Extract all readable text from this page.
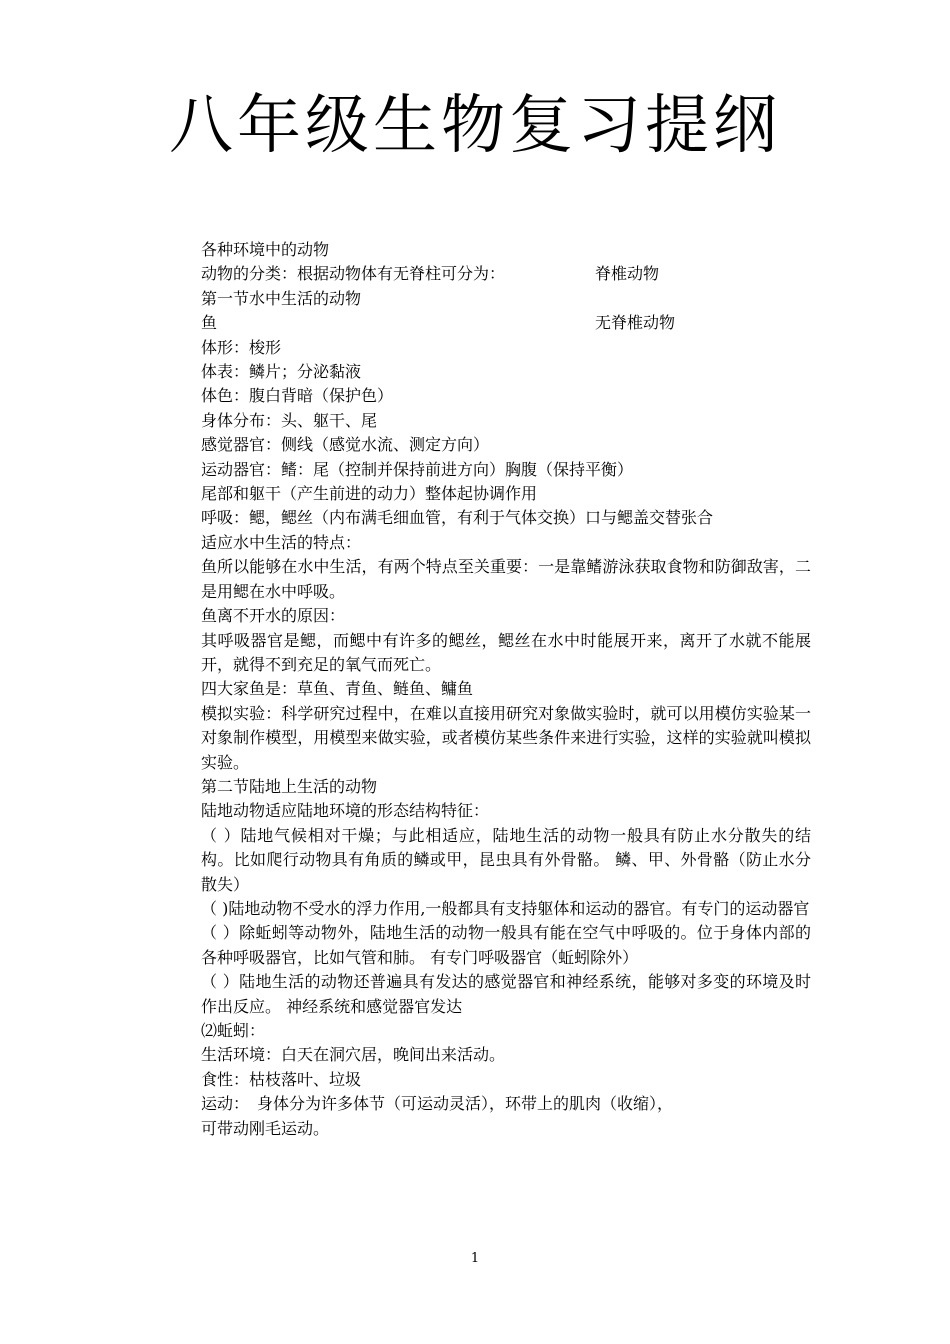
八年级生物复习提纲
各种环境中的动物
动物的分类：根据动物体有无脊柱可分为：	脊椎动物
第一节水中生活的动物
鱼	无脊椎动物
体形：梭形
体表：鳞片；分泌黏液
体色：腹白背暗（保护色）
身体分布：头、躯干、尾
感觉器官：侧线（感觉水流、测定方向）
运动器官：鳍：尾（控制并保持前进方向）胸腹（保持平衡）
尾部和躯干（产生前进的动力）整体起协调作用
呼吸：鳃，鳃丝（内布满毛细血管，有利于气体交换）口与鳃盖交替张合
适应水中生活的特点：
鱼所以能够在水中生活，有两个特点至关重要：一是靠鳍游泳获取食物和防御敌害，二是用鳃在水中呼吸。
鱼离不开水的原因：
其呼吸器官是鳃，而鳃中有许多的鳃丝，鳃丝在水中时能展开来，离开了水就不能展开，就得不到充足的氧气而死亡。
四大家鱼是：草鱼、青鱼、鲢鱼、鳙鱼
模拟实验：科学研究过程中，在难以直接用研究对象做实验时，就可以用模仿实验某一对象制作模型，用模型来做实验，或者模仿某些条件来进行实验，这样的实验就叫模拟实验。
第二节陆地上生活的动物
陆地动物适应陆地环境的形态结构特征：
（ ）陆地气候相对干燥；与此相适应，陆地生活的动物一般具有防止水分散失的结构。比如爬行动物具有角质的鳞或甲，昆虫具有外骨骼。 鳞、甲、外骨骼（防止水分散失）
（ )陆地动物不受水的浮力作用,一般都具有支持躯体和运动的器官。有专门的运动器官
（ ）除蚯蚓等动物外，陆地生活的动物一般具有能在空气中呼吸的。位于身体内部的各种呼吸器官，比如气管和肺。 有专门呼吸器官（蚯蚓除外）
（ ）陆地生活的动物还普遍具有发达的感觉器官和神经系统，能够对多变的环境及时作出反应。 神经系统和感觉器官发达
⑵蚯蚓：
生活环境：白天在洞穴居，晚间出来活动。
食性：枯枝落叶、垃圾
运动：　身体分为许多体节（可运动灵活），环带上的肌肉（收缩），
可带动刚毛运动。
1
